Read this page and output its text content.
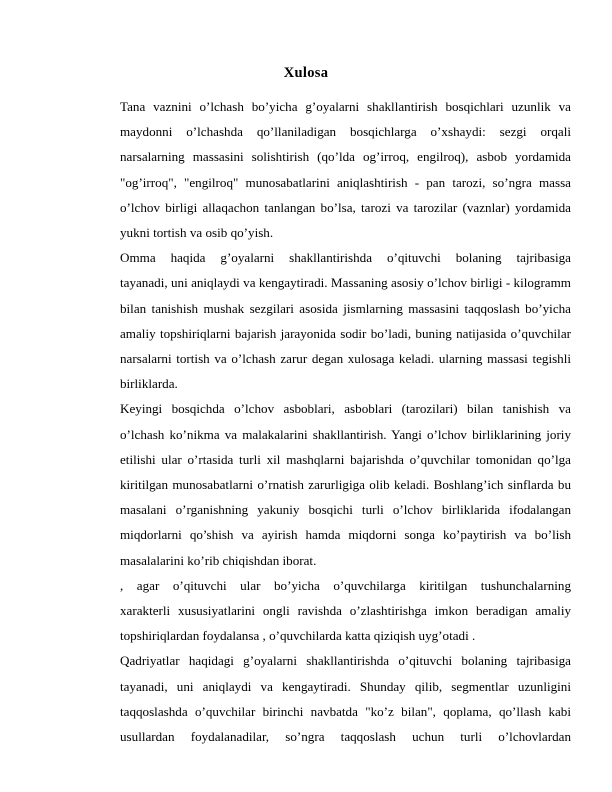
Xulosa
Tana vaznini o’lchash bo’yicha g’oyalarni shakllantirish bosqichlari uzunlik va
maydonni o’lchashda qo’llaniladigan bosqichlarga o’xshaydi: sezgi orqali
narsalarning massasini solishtirish (qo’lda og’irroq, engilroq), asbob yordamida
"og’irroq", "engilroq" munosabatlarini aniqlashtirish - pan tarozi, so’ngra massa
o’lchov birligi allaqachon tanlangan bo’lsa, tarozi va tarozilar (vaznlar) yordamida
yukni tortish va osib qo’yish.
Omma haqida g’oyalarni shakllantirishda o’qituvchi bolaning tajribasiga
tayanadi, uni aniqlaydi va kengaytiradi. Massaning asosiy o’lchov birligi - kilogramm
bilan tanishish mushak sezgilari asosida jismlarning massasini taqqoslash bo’yicha
amaliy topshiriqlarni bajarish jarayonida sodir bo’ladi, buning natijasida o’quvchilar
narsalarni tortish va o’lchash zarur degan xulosaga keladi. ularning massasi tegishli
birliklarda.
Keyingi bosqichda o’lchov asboblari, asboblari (tarozilari) bilan tanishish va
o’lchash ko’nikma va malakalarini shakllantirish. Yangi o’lchov birliklarining joriy
etilishi ular o’rtasida turli xil mashqlarni bajarishda o’quvchilar tomonidan qo’lga
kiritilgan munosabatlarni o’rnatish zarurligiga olib keladi. Boshlang’ich sinflarda bu
masalani o’rganishning yakuniy bosqichi turli o’lchov birliklarida ifodalangan
miqdorlarni qo’shish va ayirish hamda miqdorni songa ko’paytirish va bo’lish
masalalarini ko’rib chiqishdan iborat.
, agar o’qituvchi ular bo’yicha o’quvchilarga kiritilgan tushunchalarning
xarakterli xususiyatlarini ongli ravishda o’zlashtirishga imkon beradigan amaliy
topshiriqlardan foydalansa , o’quvchilarda katta qiziqish uyg’otadi .
Qadriyatlar haqidagi g’oyalarni shakllantirishda o’qituvchi bolaning tajribasiga
tayanadi, uni aniqlaydi va kengaytiradi. Shunday qilib, segmentlar uzunligini
taqqoslashda o’quvchilar birinchi navbatda "ko’z bilan", qoplama, qo’llash kabi
usullardan foydalanadilar, so’ngra taqqoslash uchun turli o’lchovlardan
